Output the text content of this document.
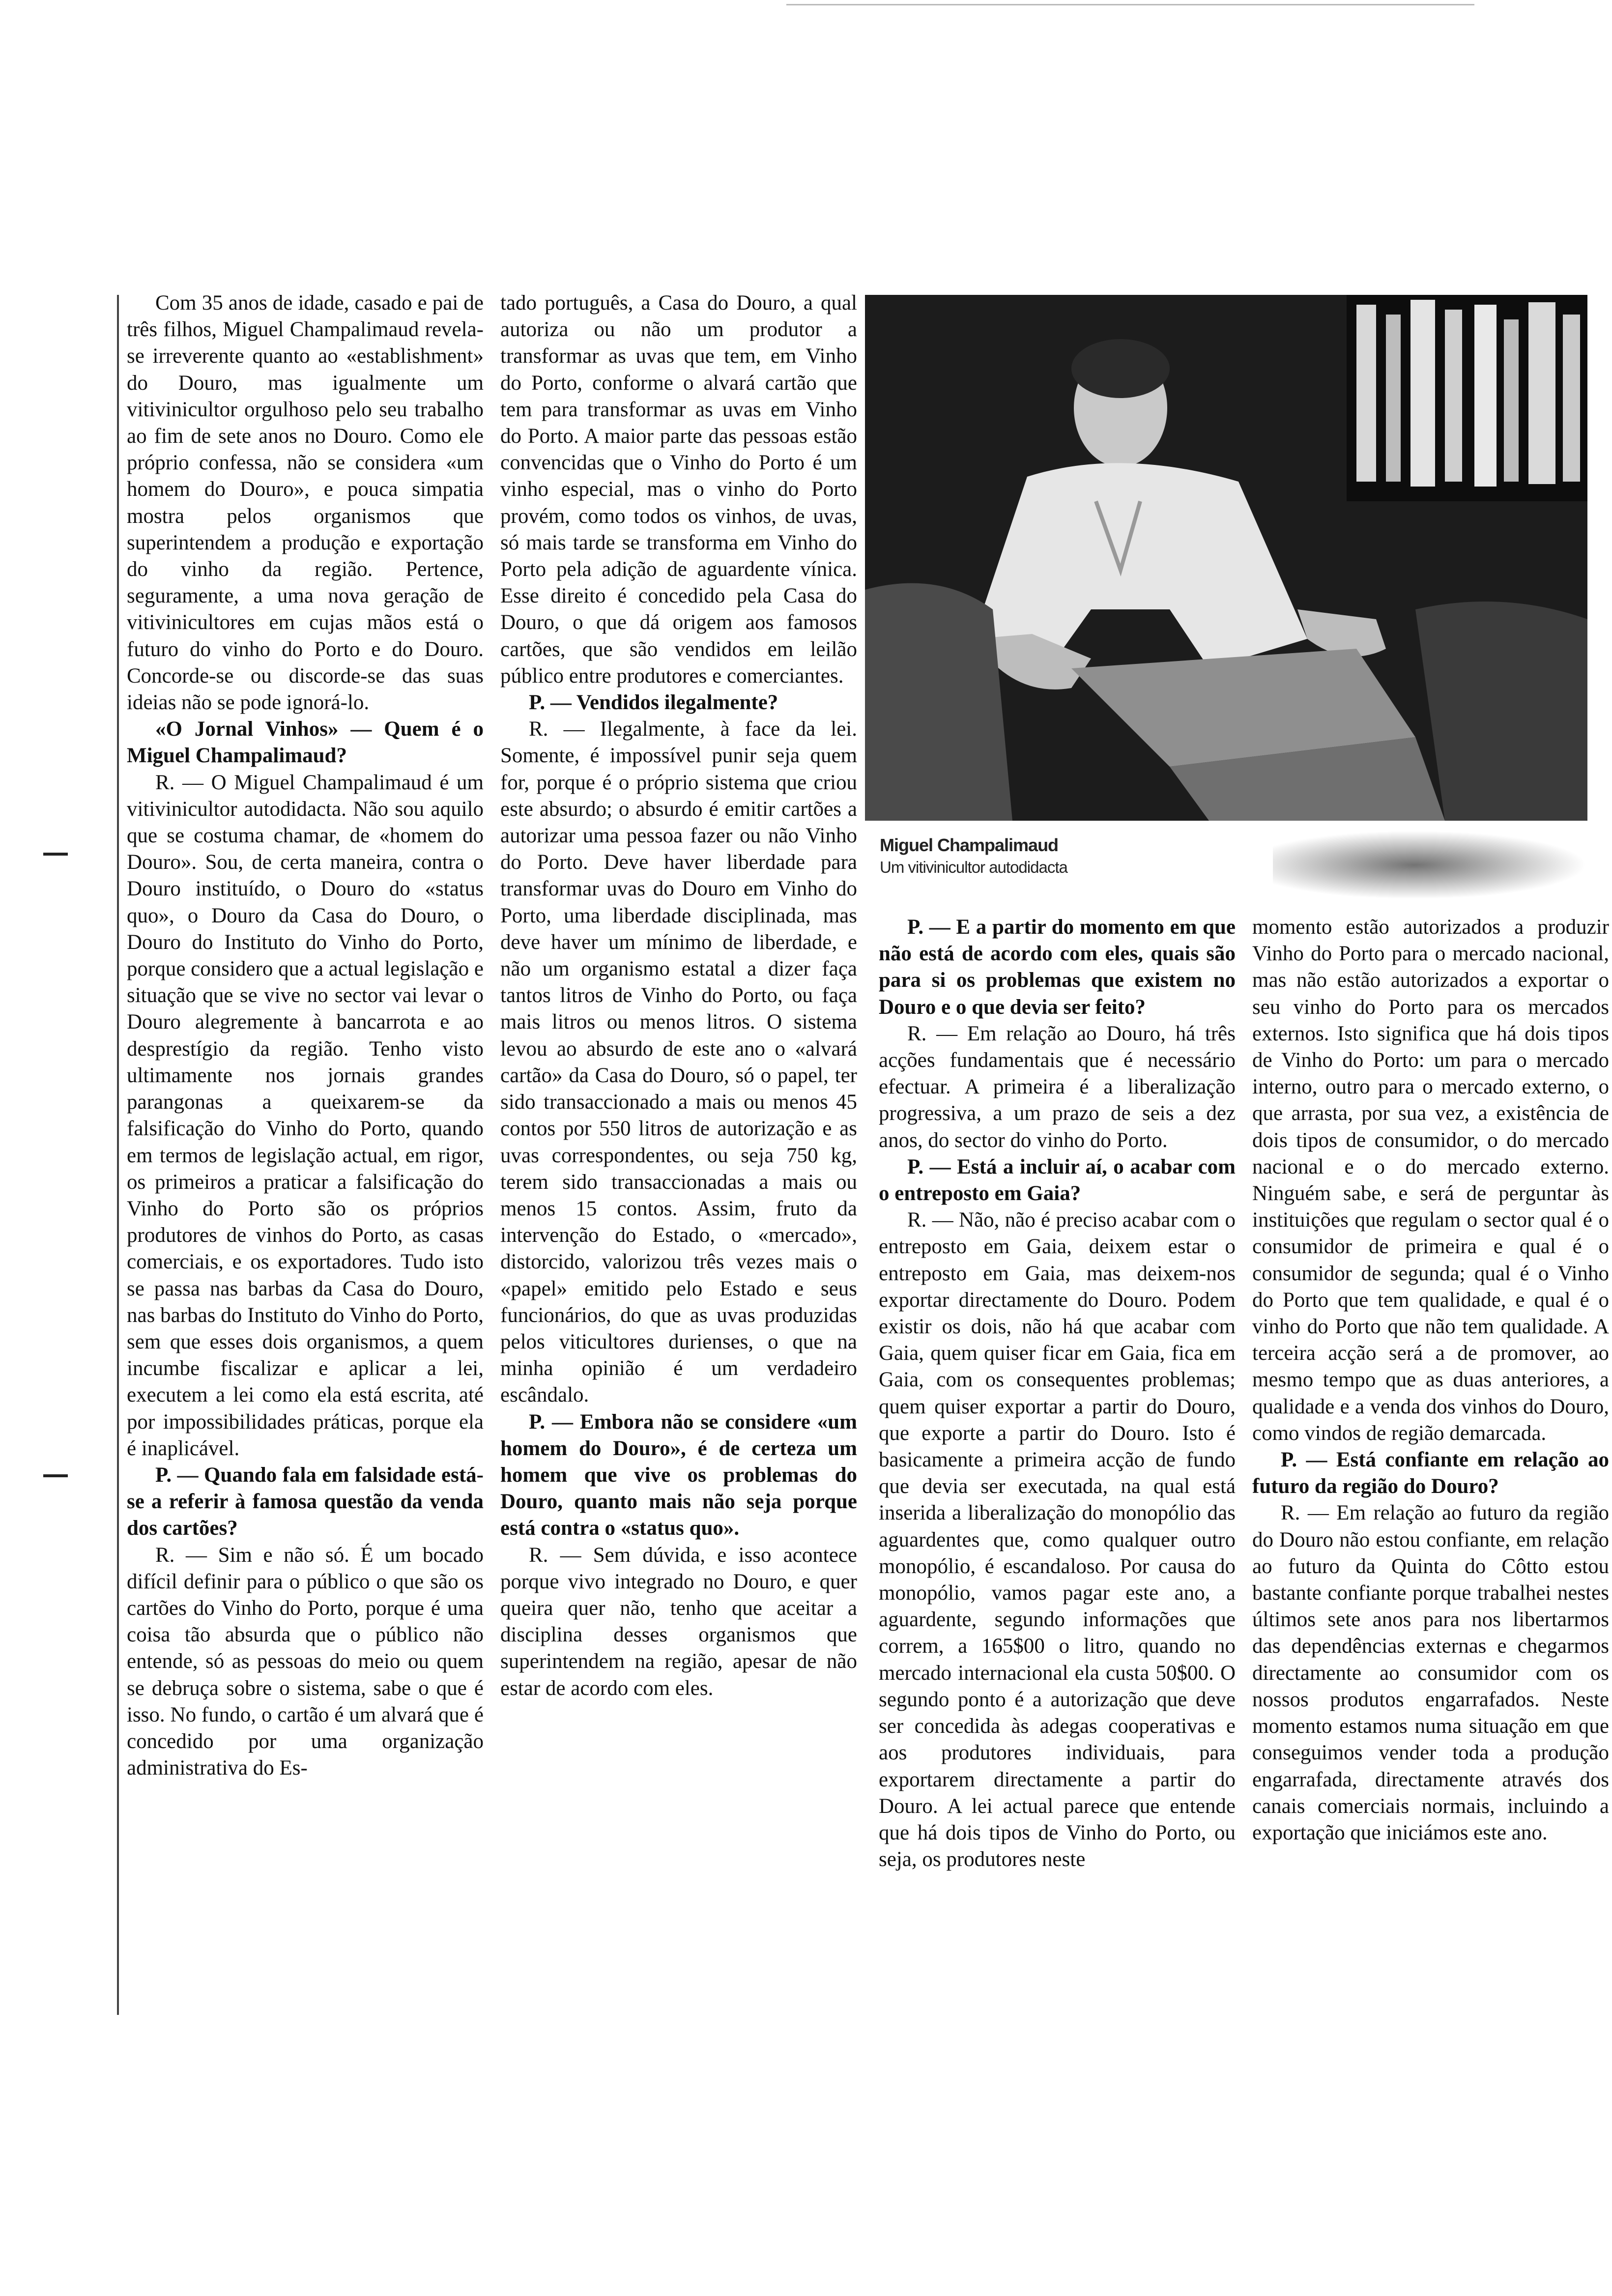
Com 35 anos de idade, casado e pai de três filhos, Miguel Champalimaud revela-se irreverente quanto ao «establishment» do Douro, mas igualmente um vitivinicultor orgulhoso pelo seu trabalho ao fim de sete anos no Douro. Como ele próprio confessa, não se considera «um homem do Douro», e pouca simpatia mostra pelos organismos que superintendem a produção e exportação do vinho da região. Pertence, seguramente, a uma nova geração de vitivinicultores em cujas mãos está o futuro do vinho do Porto e do Douro. Concorde-se ou discorde-se das suas ideias não se pode ignorá-lo.

«O Jornal Vinhos» — Quem é o Miguel Champalimaud?

R. — O Miguel Champalimaud é um vitivinicultor autodidacta. Não sou aquilo que se costuma chamar, de «homem do Douro». Sou, de certa maneira, contra o Douro instituído, o Douro do «status quo», o Douro da Casa do Douro, o Douro do Instituto do Vinho do Porto, porque considero que a actual legislação e situação que se vive no sector vai levar o Douro alegremente à bancarrota e ao desprestígio da região. Tenho visto ultimamente nos jornais grandes parangonas a queixarem-se da falsificação do Vinho do Porto, quando em termos de legislação actual, em rigor, os primeiros a praticar a falsificação do Vinho do Porto são os próprios produtores de vinhos do Porto, as casas comerciais, e os exportadores. Tudo isto se passa nas barbas da Casa do Douro, nas barbas do Instituto do Vinho do Porto, sem que esses dois organismos, a quem incumbe fiscalizar e aplicar a lei, executem a lei como ela está escrita, até por impossibilidades práticas, porque ela é inaplicável.

P. — Quando fala em falsidade está-se a referir à famosa questão da venda dos cartões?

R. — Sim e não só. É um bocado difícil definir para o público o que são os cartões do Vinho do Porto, porque é uma coisa tão absurda que o público não entende, só as pessoas do meio ou quem se debruça sobre o sistema, sabe o que é isso. No fundo, o cartão é um alvará que é concedido por uma organização administrativa do Es-

tado português, a Casa do Douro, a qual autoriza ou não um produtor a transformar as uvas que tem, em Vinho do Porto, conforme o alvará cartão que tem para transformar as uvas em Vinho do Porto. A maior parte das pessoas estão convencidas que o Vinho do Porto é um vinho especial, mas o vinho do Porto provém, como todos os vinhos, de uvas, só mais tarde se transforma em Vinho do Porto pela adição de aguardente vínica. Esse direito é concedido pela Casa do Douro, o que dá origem aos famosos cartões, que são vendidos em leilão público entre produtores e comerciantes.

P. — Vendidos ilegalmente?

R. — Ilegalmente, à face da lei. Somente, é impossível punir seja quem for, porque é o próprio sistema que criou este absurdo; o absurdo é emitir cartões a autorizar uma pessoa fazer ou não Vinho do Porto. Deve haver liberdade para transformar uvas do Douro em Vinho do Porto, uma liberdade disciplinada, mas deve haver um mínimo de liberdade, e não um organismo estatal a dizer faça tantos litros de Vinho do Porto, ou faça mais litros ou menos litros. O sistema levou ao absurdo de este ano o «alvará cartão» da Casa do Douro, só o papel, ter sido transaccionado a mais ou menos 45 contos por 550 litros de autorização e as uvas correspondentes, ou seja 750 kg, terem sido transaccionadas a mais ou menos 15 contos. Assim, fruto da intervenção do Estado, o «mercado», distorcido, valorizou três vezes mais o «papel» emitido pelo Estado e seus funcionários, do que as uvas produzidas pelos viticultores durienses, o que na minha opinião é um verdadeiro escândalo.

P. — Embora não se considere «um homem do Douro», é de certeza um homem que vive os problemas do Douro, quanto mais não seja porque está contra o «status quo».

R. — Sem dúvida, e isso acontece porque vivo integrado no Douro, e quer queira quer não, tenho que aceitar a disciplina desses organismos que superintendem na região, apesar de não estar de acordo com eles.

Miguel Champalimaud
Um vitivinicultor autodidacta

P. — E a partir do momento em que não está de acordo com eles, quais são para si os problemas que existem no Douro e o que devia ser feito?

R. — Em relação ao Douro, há três acções fundamentais que é necessário efectuar. A primeira é a liberalização progressiva, a um prazo de seis a dez anos, do sector do vinho do Porto.

P. — Está a incluir aí, o acabar com o entreposto em Gaia?

R. — Não, não é preciso acabar com o entreposto em Gaia, deixem estar o entreposto em Gaia, mas deixem-nos exportar directamente do Douro. Podem existir os dois, não há que acabar com Gaia, quem quiser ficar em Gaia, fica em Gaia, com os consequentes problemas; quem quiser exportar a partir do Douro, que exporte a partir do Douro. Isto é basicamente a primeira acção de fundo que devia ser executada, na qual está inserida a liberalização do monopólio das aguardentes que, como qualquer outro monopólio, é escandaloso. Por causa do monopólio, vamos pagar este ano, a aguardente, segundo informações que correm, a 165$00 o litro, quando no mercado internacional ela custa 50$00. O segundo ponto é a autorização que deve ser concedida às adegas cooperativas e aos produtores individuais, para exportarem directamente a partir do Douro. A lei actual parece que entende que há dois tipos de Vinho do Porto, ou seja, os produtores neste

momento estão autorizados a produzir Vinho do Porto para o mercado nacional, mas não estão autorizados a exportar o seu vinho do Porto para os mercados externos. Isto significa que há dois tipos de Vinho do Porto: um para o mercado interno, outro para o mercado externo, o que arrasta, por sua vez, a existência de dois tipos de consumidor, o do mercado nacional e o do mercado externo. Ninguém sabe, e será de perguntar às instituições que regulam o sector qual é o consumidor de primeira e qual é o consumidor de segunda; qual é o Vinho do Porto que tem qualidade, e qual é o vinho do Porto que não tem qualidade. A terceira acção será a de promover, ao mesmo tempo que as duas anteriores, a qualidade e a venda dos vinhos do Douro, como vindos de região demarcada.

P. — Está confiante em relação ao futuro da região do Douro?

R. — Em relação ao futuro da região do Douro não estou confiante, em relação ao futuro da Quinta do Côtto estou bastante confiante porque trabalhei nestes últimos sete anos para nos libertarmos das dependências externas e chegarmos directamente ao consumidor com os nossos produtos engarrafados. Neste momento estamos numa situação em que conseguimos vender toda a produção engarrafada, directamente através dos canais comerciais normais, incluindo a exportação que iniciámos este ano.
